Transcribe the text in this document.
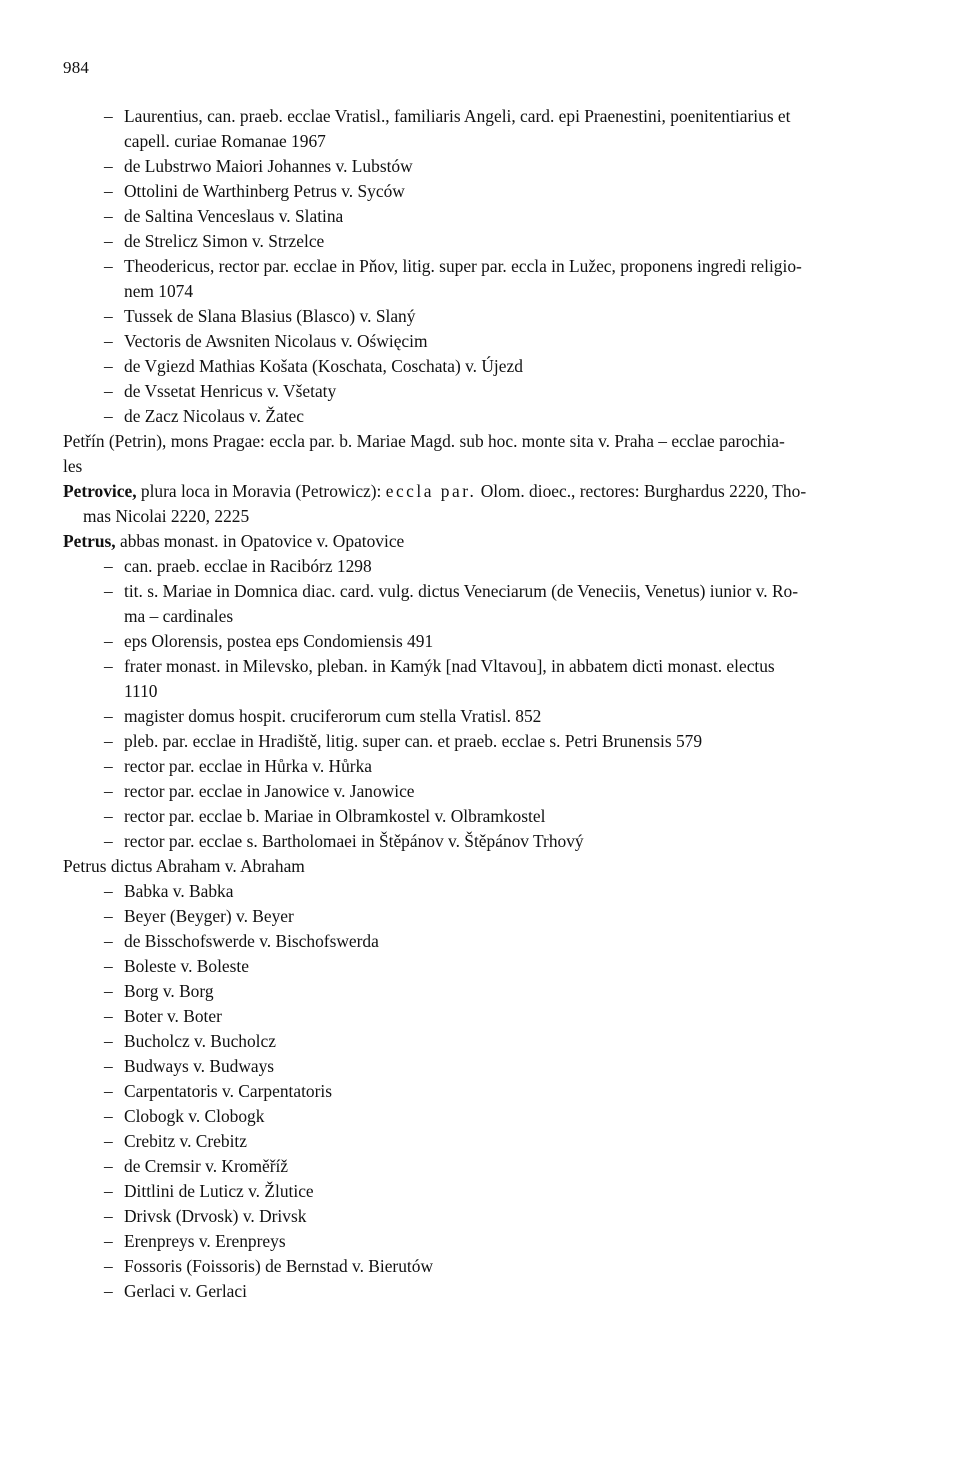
984
– Laurentius, can. praeb. ecclae Vratisl., familiaris Angeli, card. epi Praenestini, poenitentiarius et
capell. curiae Romanae 1967
– de Lubstrwo Maiori Johannes v. Lubstów
– Ottolini de Warthinberg Petrus v. Syców
– de Saltina Venceslaus v. Slatina
– de Strelicz Simon v. Strzelce
– Theodericus, rector par. ecclae in Pňov, litig. super par. eccla in Lužec, proponens ingredi religio-
nem 1074
– Tussek de Slana Blasius (Blasco) v. Slaný
– Vectoris de Awsniten Nicolaus v. Oświęcim
– de Vgiezd Mathias Košata (Koschata, Coschata) v. Újezd
– de Vssetat Henricus v. Všetaty
– de Zacz Nicolaus v. Žatec
Petřín (Petrin), mons Pragae: eccla par. b. Mariae Magd. sub hoc. monte sita v. Praha – ecclae parochia-
les
Petrovice, plura loca in Moravia (Petrowicz): eccla par. Olom. dioec., rectores: Burghardus 2220, Tho-
mas Nicolai 2220, 2225
Petrus, abbas monast. in Opatovice v. Opatovice
– can. praeb. ecclae in Racibórz 1298
– tit. s. Mariae in Domnica diac. card. vulg. dictus Veneciarum (de Veneciis, Venetus) iunior v. Ro-
ma – cardinales
– eps Olorensis, postea eps Condomiensis 491
– frater monast. in Milevsko, pleban. in Kamýk [nad Vltavou], in abbatem dicti monast. electus
1110
– magister domus hospit. cruciferorum cum stella Vratisl. 852
– pleb. par. ecclae in Hradiště, litig. super can. et praeb. ecclae s. Petri Brunensis 579
– rector par. ecclae in Hůrka v. Hůrka
– rector par. ecclae in Janowice v. Janowice
– rector par. ecclae b. Mariae in Olbramkostel v. Olbramkostel
– rector par. ecclae s. Bartholomaei in Štěpánov v. Štěpánov Trhový
Petrus dictus Abraham v. Abraham
– Babka v. Babka
– Beyer (Beyger) v. Beyer
– de Bisschofswerde v. Bischofswerda
– Boleste v. Boleste
– Borg v. Borg
– Boter v. Boter
– Bucholcz v. Bucholcz
– Budways v. Budways
– Carpentatoris v. Carpentatoris
– Clobogk v. Clobogk
– Crebitz v. Crebitz
– de Cremsir v. Kroměříž
– Dittlini de Luticz v. Žlutice
– Drivsk (Drvosk) v. Drivsk
– Erenpreys v. Erenpreys
– Fossoris (Foissoris) de Bernstad v. Bierutów
– Gerlaci v. Gerlaci
